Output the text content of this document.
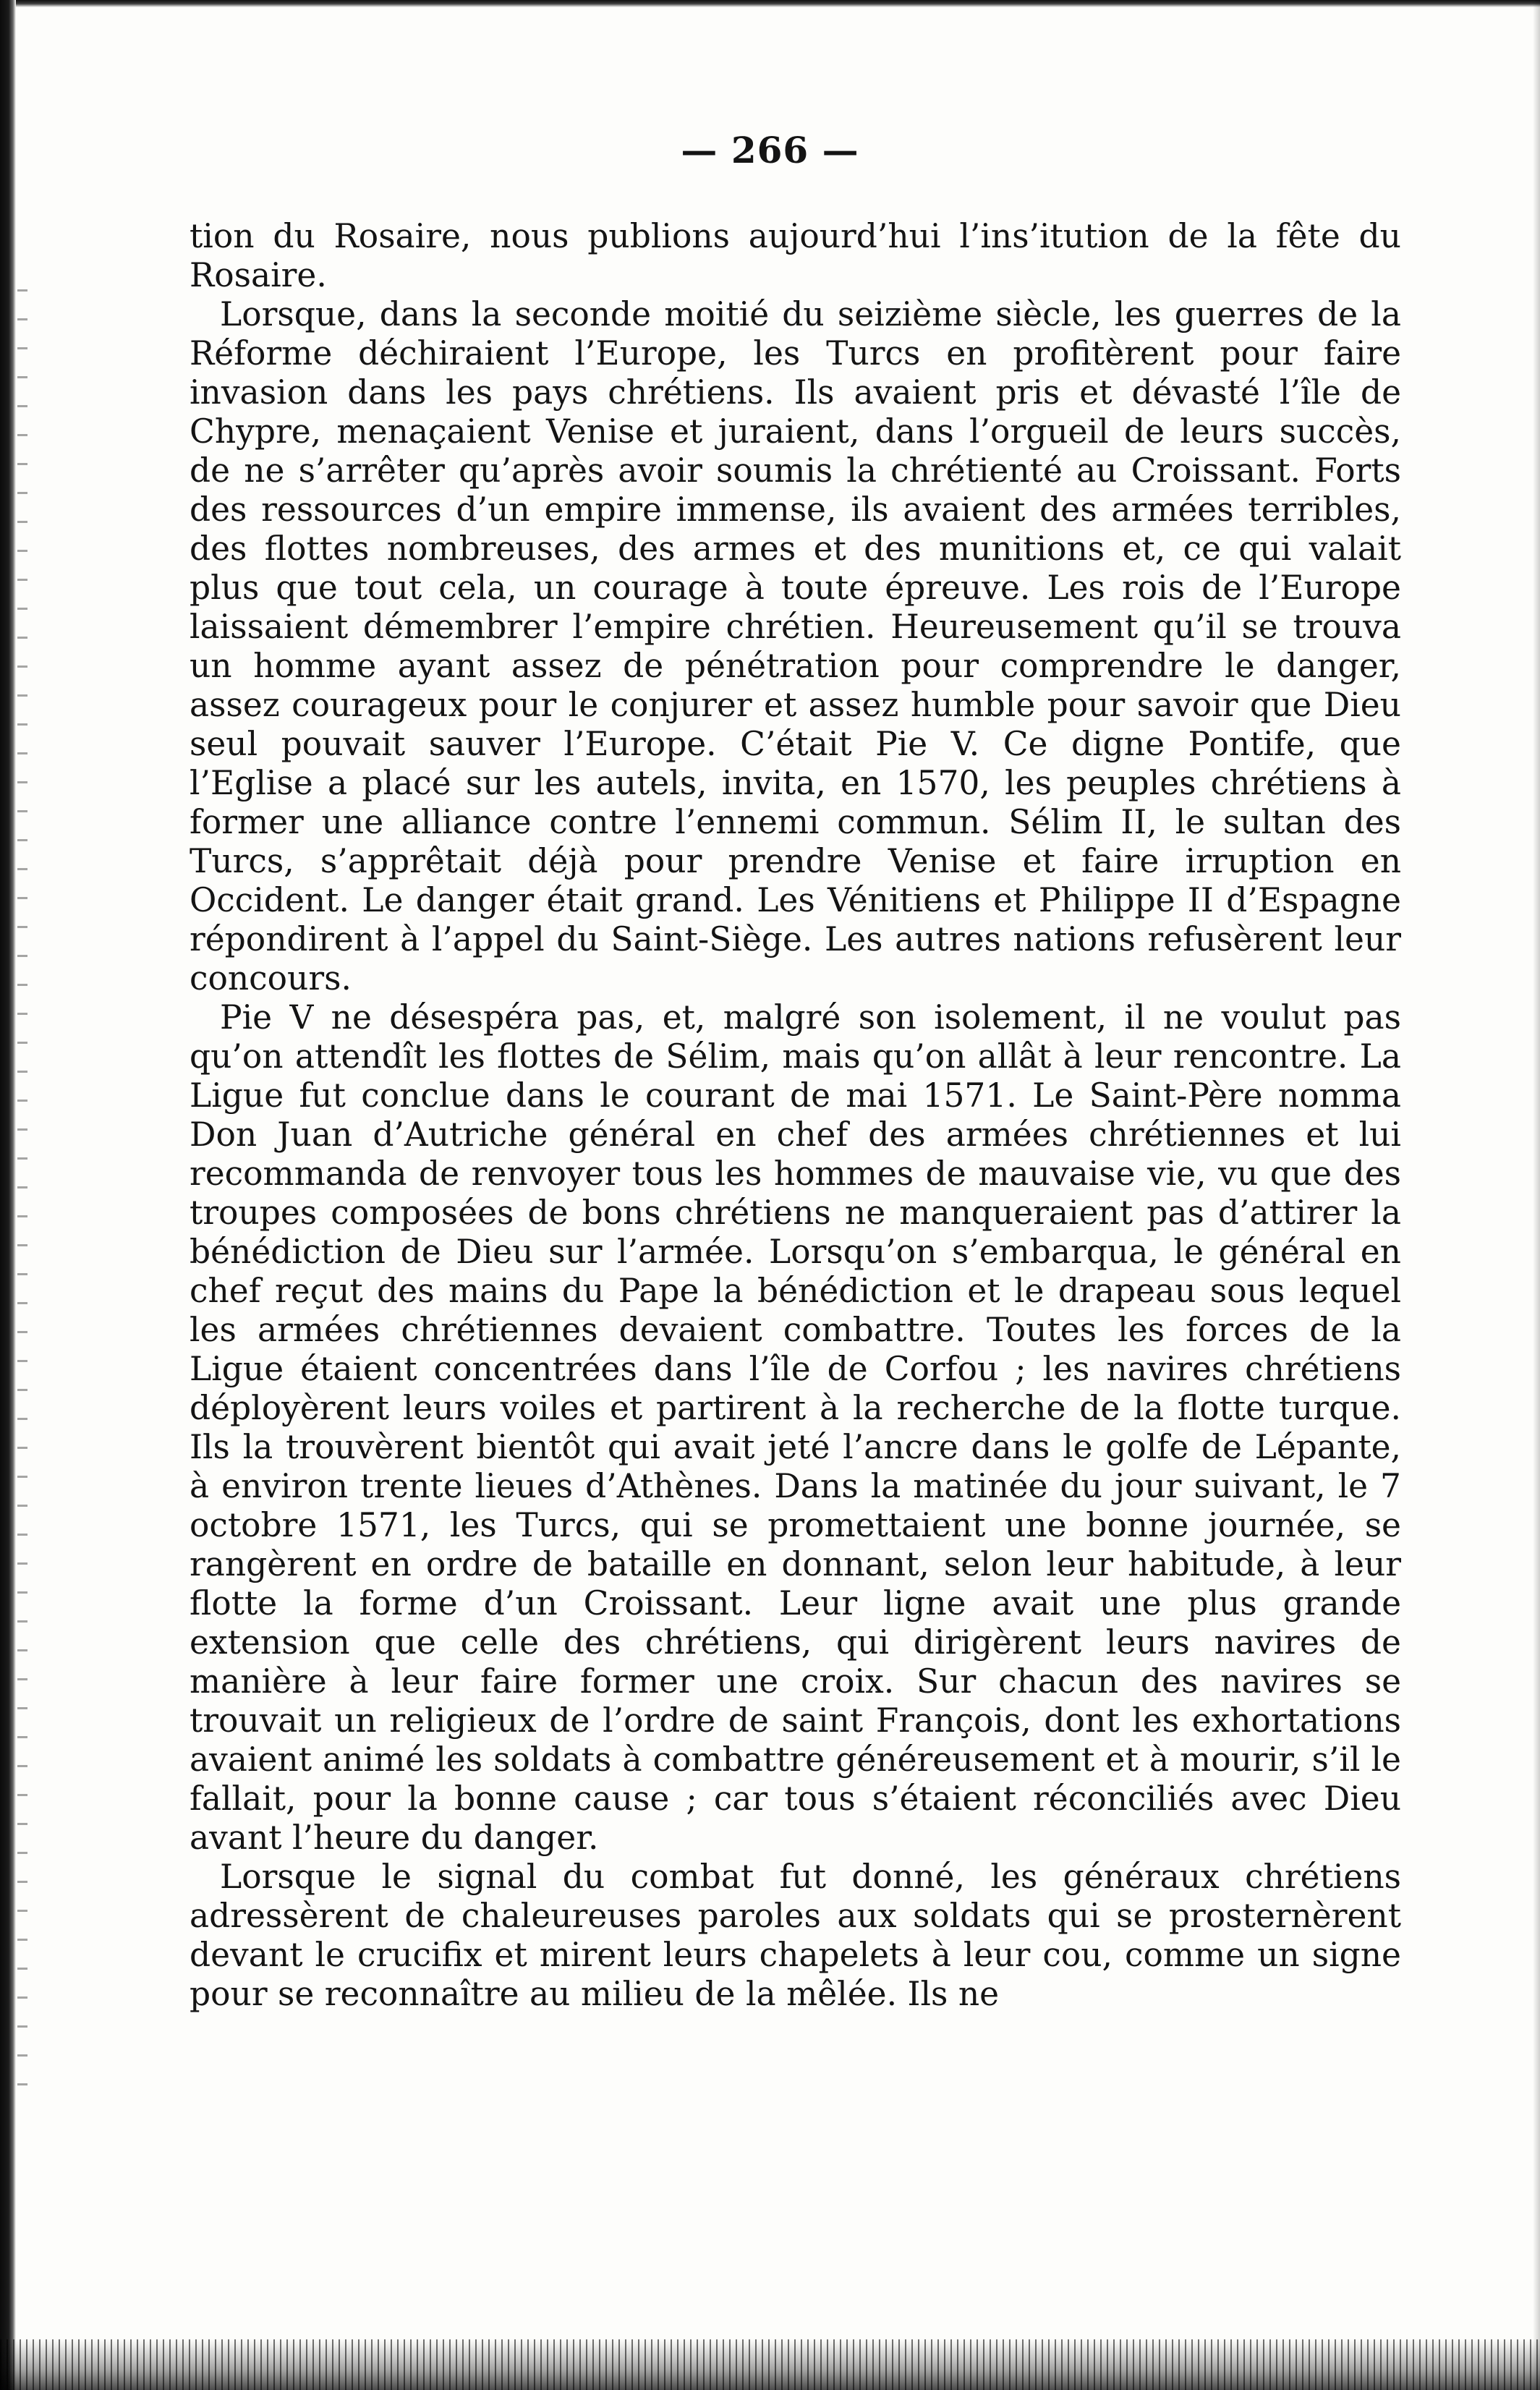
— 266 —

tion du Rosaire, nous publions aujourd’hui l’ins’itution de la fête du Rosaire.

Lorsque, dans la seconde moitié du seizième siècle, les guerres de la Réforme déchiraient l’Europe, les Turcs en profitèrent pour faire invasion dans les pays chrétiens. Ils avaient pris et dévasté l’île de Chypre, menaçaient Venise et juraient, dans l’orgueil de leurs succès, de ne s’arrêter qu’après avoir soumis la chrétienté au Croissant. Forts des ressources d’un empire immense, ils avaient des armées terribles, des flottes nombreuses, des armes et des munitions et, ce qui valait plus que tout cela, un courage à toute épreuve. Les rois de l’Europe laissaient démembrer l’empire chrétien. Heureusement qu’il se trouva un homme ayant assez de pénétration pour comprendre le danger, assez courageux pour le conjurer et assez humble pour savoir que Dieu seul pouvait sauver l’Europe. C’était Pie V. Ce digne Pontife, que l’Eglise a placé sur les autels, invita, en 1570, les peuples chrétiens à former une alliance contre l’ennemi commun. Sélim II, le sultan des Turcs, s’apprêtait déjà pour prendre Venise et faire irruption en Occident. Le danger était grand. Les Vénitiens et Philippe II d’Espagne répondirent à l’appel du Saint-Siège. Les autres nations refusèrent leur concours.

Pie V ne désespéra pas, et, malgré son isolement, il ne voulut pas qu’on attendît les flottes de Sélim, mais qu’on allât à leur rencontre. La Ligue fut conclue dans le courant de mai 1571. Le Saint-Père nomma Don Juan d’Autriche général en chef des armées chrétiennes et lui recommanda de renvoyer tous les hommes de mauvaise vie, vu que des troupes composées de bons chrétiens ne manqueraient pas d’attirer la bénédiction de Dieu sur l’armée. Lorsqu’on s’embarqua, le général en chef reçut des mains du Pape la bénédiction et le drapeau sous lequel les armées chrétiennes devaient combattre. Toutes les forces de la Ligue étaient concentrées dans l’île de Corfou ; les navires chrétiens déployèrent leurs voiles et partirent à la recherche de la flotte turque. Ils la trouvèrent bientôt qui avait jeté l’ancre dans le golfe de Lépante, à environ trente lieues d’Athènes. Dans la matinée du jour suivant, le 7 octobre 1571, les Turcs, qui se promettaient une bonne journée, se rangèrent en ordre de bataille en donnant, selon leur habitude, à leur flotte la forme d’un Croissant. Leur ligne avait une plus grande extension que celle des chrétiens, qui dirigèrent leurs navires de manière à leur faire former une croix. Sur chacun des navires se trouvait un religieux de l’ordre de saint François, dont les exhortations avaient animé les soldats à combattre généreusement et à mourir, s’il le fallait, pour la bonne cause ; car tous s’étaient réconciliés avec Dieu avant l’heure du danger.

Lorsque le signal du combat fut donné, les généraux chrétiens adressèrent de chaleureuses paroles aux soldats qui se prosternèrent devant le crucifix et mirent leurs chapelets à leur cou, comme un signe pour se reconnaître au milieu de la mêlée. Ils ne
